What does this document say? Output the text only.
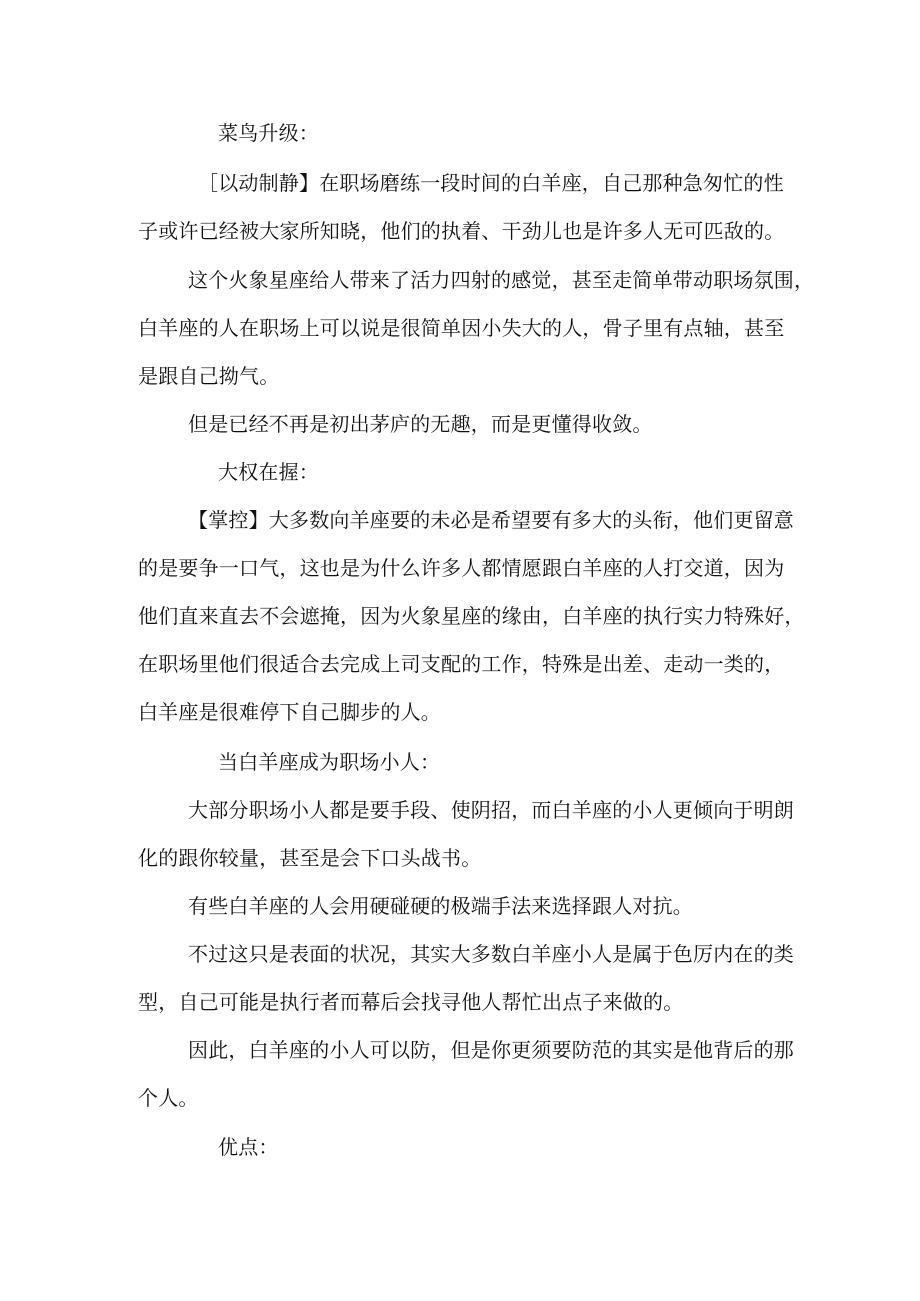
菜鸟升级：
［以动制静】在职场磨练一段时间的白羊座，自己那种急匆忙的性
子或许已经被大家所知晓，他们的执着、干劲儿也是许多人无可匹敌的。
这个火象星座给人带来了活力四射的感觉，甚至走简单带动职场氛围，
白羊座的人在职场上可以说是很简单因小失大的人，骨子里有点轴，甚至
是跟自己拗气。
但是已经不再是初出茅庐的无趣，而是更懂得收敛。
大权在握：
【掌控】大多数向羊座要的未必是希望要有多大的头衔，他们更留意
的是要争一口气，这也是为什么许多人都情愿跟白羊座的人打交道，因为
他们直来直去不会遮掩，因为火象星座的缘由，白羊座的执行实力特殊好，
在职场里他们很适合去完成上司支配的工作，特殊是出差、走动一类的，
白羊座是很难停下自己脚步的人。
当白羊座成为职场小人：
大部分职场小人都是要手段、使阴招，而白羊座的小人更倾向于明朗
化的跟你较量，甚至是会下口头战书。
有些白羊座的人会用硬碰硬的极端手法来选择跟人对抗。
不过这只是表面的状况，其实大多数白羊座小人是属于色厉内在的类
型，自己可能是执行者而幕后会找寻他人帮忙出点子来做的。
因此，白羊座的小人可以防，但是你更须要防范的其实是他背后的那
个人。
优点：
